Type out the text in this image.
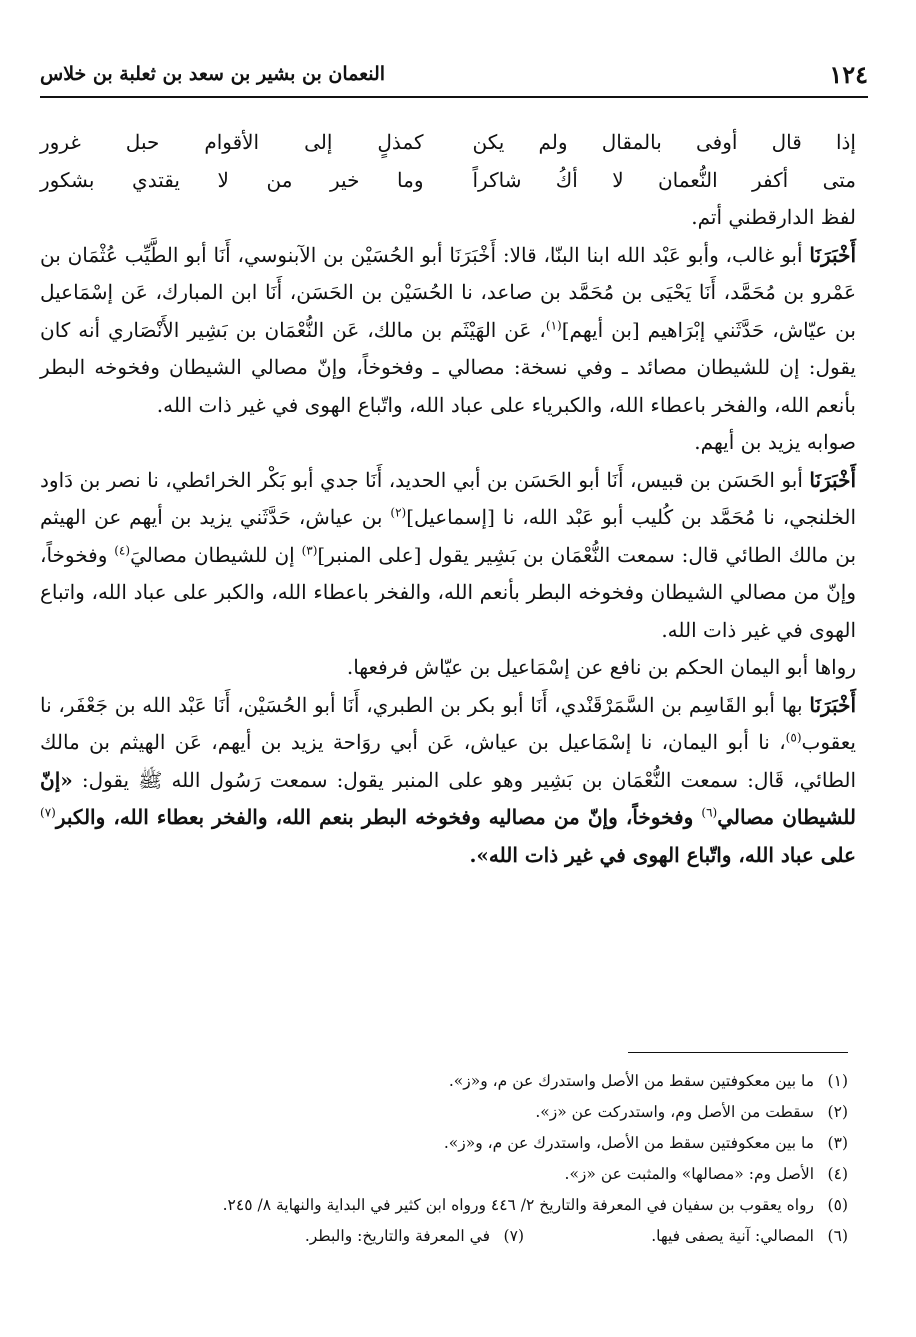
١٢٤
النعمان بن بشير بن سعد بن ثعلبة بن خلاس
إذا قال أوفى بالمقال ولم يكن
كمذلٍ إلى الأقوام حبل غرور
متى أكفر النُّعمان لا أكُ شاكراً
وما خير من لا يقتدي بشكور

لفظ الدارقطني أتم.

أَخْبَرَنَا أبو غالب، وأبو عَبْد الله ابنا البنّا، قالا: أَخْبَرَنَا أبو الحُسَيْن بن الآبنوسي، أَنَا أبو الطَّيِّب عُثْمَان بن عَمْرو بن مُحَمَّد، أَنَا يَحْيَى بن مُحَمَّد بن صاعد، نا الحُسَيْن بن الحَسَن، أَنَا ابن المبارك، عَن إسْمَاعيل بن عيّاش، حَدَّثَني إبْرَاهيم [بن أيهم]$^{(١)}$، عَن الهَيْثَم بن مالك، عَن النُّعْمَان بن بَشِير الأَنْصَاري أنه كان يقول: إن للشيطان مصائد ـ وفي نسخة: مصالي ـ وفخوخاً، وإنّ مصالي الشيطان وفخوخه البطر بأنعم الله، والفخر باعطاء الله، والكبرياء على عباد الله، واتّباع الهوى في غير ذات الله.

صوابه يزيد بن أيهم.

أَخْبَرَنَا أبو الحَسَن بن قبيس، أَنَا أبو الحَسَن بن أبي الحديد، أَنَا جدي أبو بَكْر الخرائطي، نا نصر بن دَاود الخلنجي، نا مُحَمَّد بن كُليب أبو عَبْد الله، نا [إسماعيل]$^{(٢)}$ بن عياش، حَدَّثَني يزيد بن أيهم عن الهيثم بن مالك الطائي قال: سمعت النُّعْمَان بن بَشِير يقول [على المنبر]$^{(٣)}$ إن للشيطان مصاليَ$^{(٤)}$ وفخوخاً، وإنّ من مصالي الشيطان وفخوخه البطر بأنعم الله، والفخر باعطاء الله، والكبر على عباد الله، واتباع الهوى في غير ذات الله.

رواها أبو اليمان الحكم بن نافع عن إسْمَاعيل بن عيّاش فرفعها.

أَخْبَرَنَا بها أبو القَاسِم بن السَّمَرْقَنْدي، أَنَا أبو بكر بن الطبري، أَنَا أبو الحُسَيْن، أَنَا عَبْد الله بن جَعْفَر، نا يعقوب$^{(٥)}$، نا أبو اليمان، نا إسْمَاعيل بن عياش، عَن أبي روَاحة يزيد بن أيهم، عَن الهيثم بن مالك الطائي، قَال: سمعت النُّعْمَان بن بَشِير وهو على المنبر يقول: سمعت رَسُول الله ﷺ يقول: «إنّ للشيطان مصالي$^{(٦)}$ وفخوخاً، وإنّ من مصاليه وفخوخه البطر بنعم الله، والفخر بعطاء الله، والكبر$^{(٧)}$ على عباد الله، واتّباع الهوى في غير ذات الله».

(١)
ما بين معكوفتين سقط من الأصل واستدرك عن م، و«ز».
(٢)
سقطت من الأصل وم، واستدركت عن «ز».
(٣)
ما بين معكوفتين سقط من الأصل، واستدرك عن م، و«ز».
(٤)
الأصل وم: «مصالها» والمثبت عن «ز».
(٥)
رواه يعقوب بن سفيان في المعرفة والتاريخ ٢/ ٤٤٦ ورواه ابن كثير في البداية والنهاية ٨/ ٢٤٥.
(٦)
المصالي: آنية يصفى فيها.
(٧)
في المعرفة والتاريخ: والبطر.
